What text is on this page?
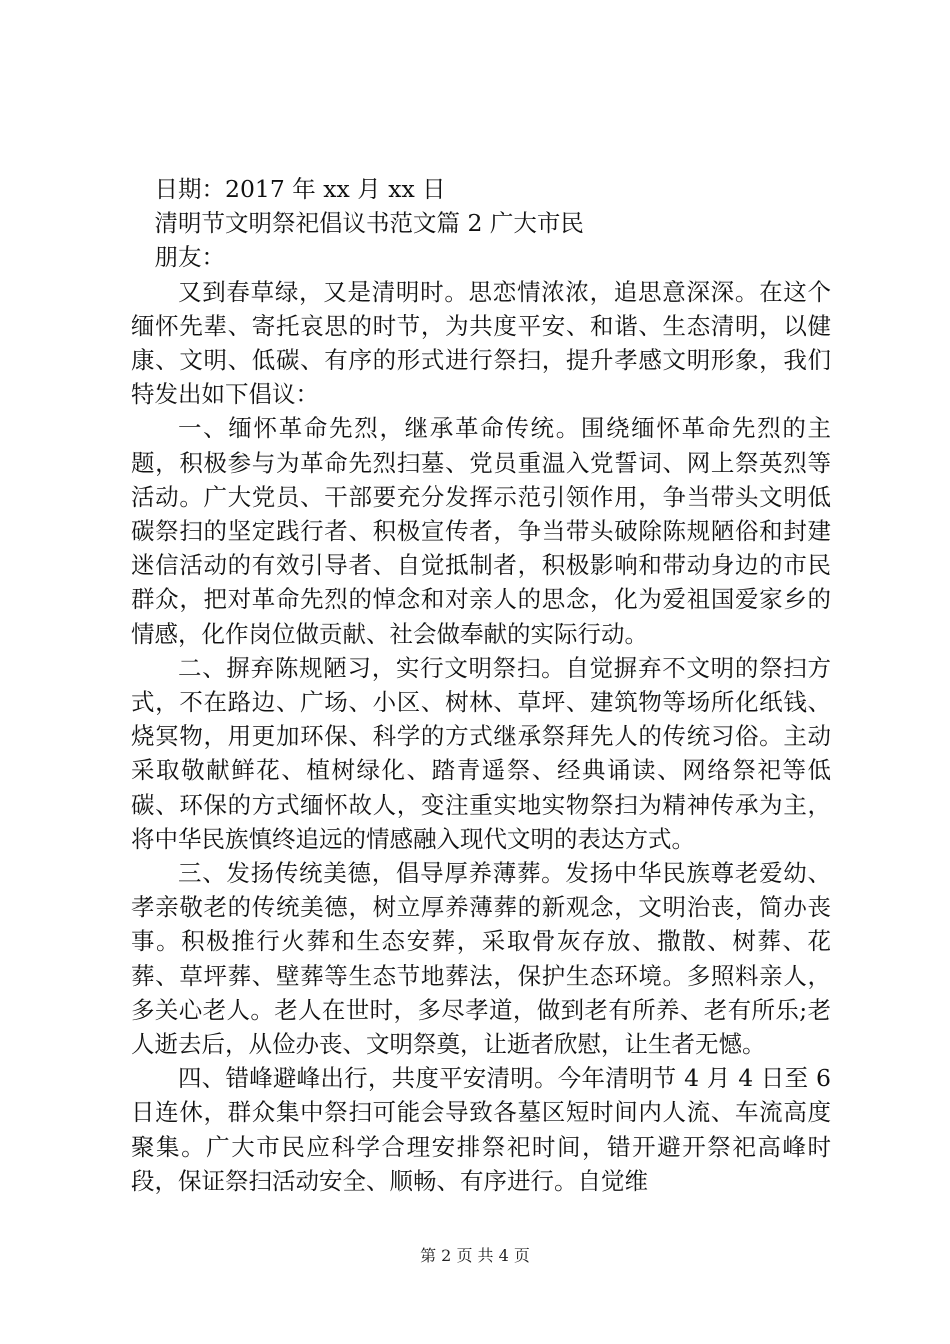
日期：2017 年 xx 月 xx 日
清明节文明祭祀倡议书范文篇 2 广大市民
朋友：
又到春草绿，又是清明时。思恋情浓浓，追思意深深。在这个缅怀先辈、寄托哀思的时节，为共度平安、和谐、生态清明，以健康、文明、低碳、有序的形式进行祭扫，提升孝感文明形象，我们特发出如下倡议：
一、缅怀革命先烈，继承革命传统。围绕缅怀革命先烈的主题，积极参与为革命先烈扫墓、党员重温入党誓词、网上祭英烈等活动。广大党员、干部要充分发挥示范引领作用，争当带头文明低碳祭扫的坚定践行者、积极宣传者，争当带头破除陈规陋俗和封建迷信活动的有效引导者、自觉抵制者，积极影响和带动身边的市民群众，把对革命先烈的悼念和对亲人的思念，化为爱祖国爱家乡的情感，化作岗位做贡献、社会做奉献的实际行动。
二、摒弃陈规陋习，实行文明祭扫。自觉摒弃不文明的祭扫方式，不在路边、广场、小区、树林、草坪、建筑物等场所化纸钱、烧冥物，用更加环保、科学的方式继承祭拜先人的传统习俗。主动采取敬献鲜花、植树绿化、踏青遥祭、经典诵读、网络祭祀等低碳、环保的方式缅怀故人，变注重实地实物祭扫为精神传承为主，将中华民族慎终追远的情感融入现代文明的表达方式。
三、发扬传统美德，倡导厚养薄葬。发扬中华民族尊老爱幼、孝亲敬老的传统美德，树立厚养薄葬的新观念，文明治丧，简办丧事。积极推行火葬和生态安葬，采取骨灰存放、撒散、树葬、花葬、草坪葬、壁葬等生态节地葬法，保护生态环境。多照料亲人，多关心老人。老人在世时，多尽孝道，做到老有所养、老有所乐;老人逝去后，从俭办丧、文明祭奠，让逝者欣慰，让生者无憾。
四、错峰避峰出行，共度平安清明。今年清明节 4 月 4 日至 6 日连休，群众集中祭扫可能会导致各墓区短时间内人流、车流高度聚集。广大市民应科学合理安排祭祀时间，错开避开祭祀高峰时段，保证祭扫活动安全、顺畅、有序进行。自觉维
第 2 页 共 4 页
